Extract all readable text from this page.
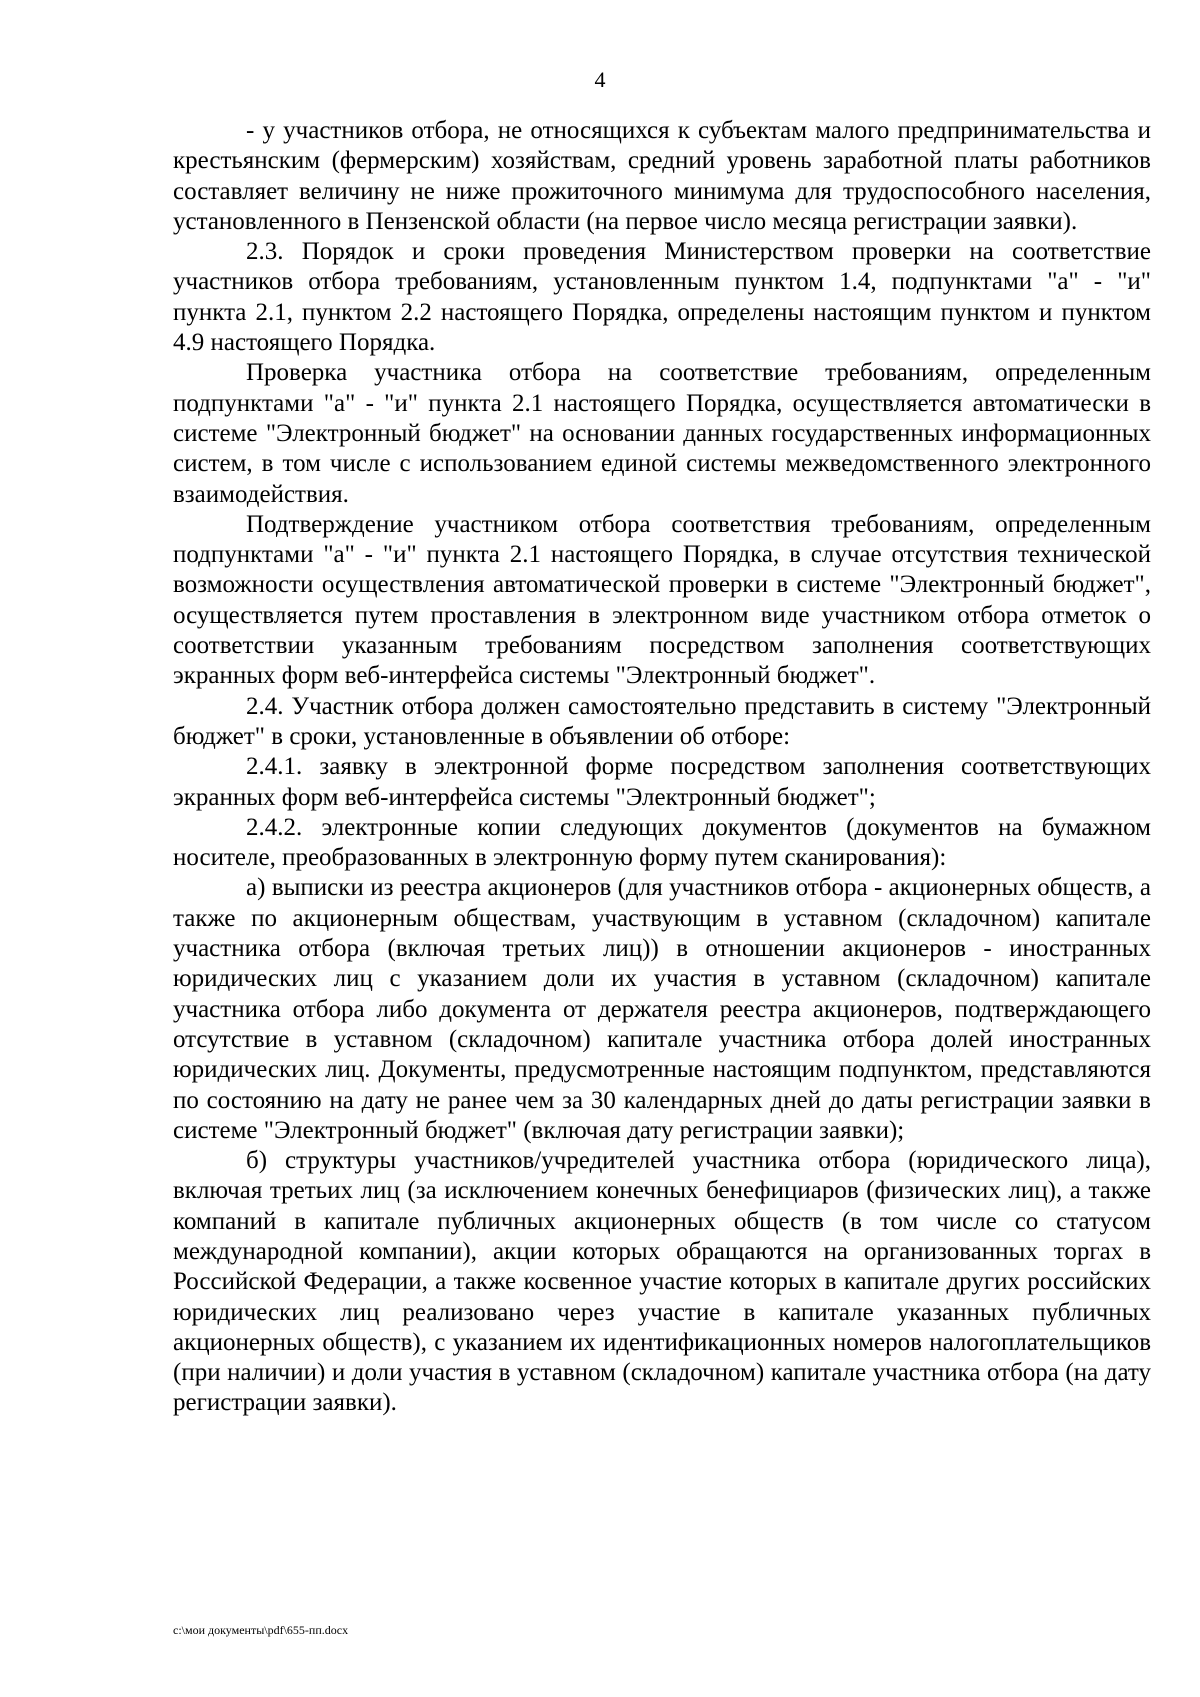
4

- у участников отбора, не относящихся к субъектам малого предпринимательства и крестьянским (фермерским) хозяйствам, средний уровень заработной платы работников составляет величину не ниже прожиточного минимума для трудоспособного населения, установленного в Пензенской области (на первое число месяца регистрации заявки).

2.3. Порядок и сроки проведения Министерством проверки на соответствие участников отбора требованиям, установленным пунктом 1.4, подпунктами "а" - "и" пункта 2.1, пунктом 2.2 настоящего Порядка, определены настоящим пунктом и пунктом 4.9 настоящего Порядка.

Проверка участника отбора на соответствие требованиям, определенным подпунктами "а" - "и" пункта 2.1 настоящего Порядка, осуществляется автоматически в системе "Электронный бюджет" на основании данных государственных информационных систем, в том числе с использованием единой системы межведомственного электронного взаимодействия.

Подтверждение участником отбора соответствия требованиям, определенным подпунктами "а" - "и" пункта 2.1 настоящего Порядка, в случае отсутствия технической возможности осуществления автоматической проверки в системе "Электронный бюджет", осуществляется путем проставления в электронном виде участником отбора отметок о соответствии указанным требованиям посредством заполнения соответствующих экранных форм веб-интерфейса системы "Электронный бюджет".

2.4. Участник отбора должен самостоятельно представить в систему "Электронный бюджет" в сроки, установленные в объявлении об отборе:

2.4.1. заявку в электронной форме посредством заполнения соответствующих экранных форм веб-интерфейса системы "Электронный бюджет";

2.4.2. электронные копии следующих документов (документов на бумажном носителе, преобразованных в электронную форму путем сканирования):

а) выписки из реестра акционеров (для участников отбора - акционерных обществ, а также по акционерным обществам, участвующим в уставном (складочном) капитале участника отбора (включая третьих лиц)) в отношении акционеров - иностранных юридических лиц с указанием доли их участия в уставном (складочном) капитале участника отбора либо документа от держателя реестра акционеров, подтверждающего отсутствие в уставном (складочном) капитале участника отбора долей иностранных юридических лиц. Документы, предусмотренные настоящим подпунктом, представляются по состоянию на дату не ранее чем за 30 календарных дней до даты регистрации заявки в системе "Электронный бюджет" (включая дату регистрации заявки);

б) структуры участников/учредителей участника отбора (юридического лица), включая третьих лиц (за исключением конечных бенефициаров (физических лиц), а также компаний в капитале публичных акционерных обществ (в том числе со статусом международной компании), акции которых обращаются на организованных торгах в Российской Федерации, а также косвенное участие которых в капитале других российских юридических лиц реализовано через участие в капитале указанных публичных акционерных обществ), с указанием их идентификационных номеров налогоплательщиков (при наличии) и доли участия в уставном (складочном) капитале участника отбора (на дату регистрации заявки).

c:\мои документы\pdf\655-пп.docx
